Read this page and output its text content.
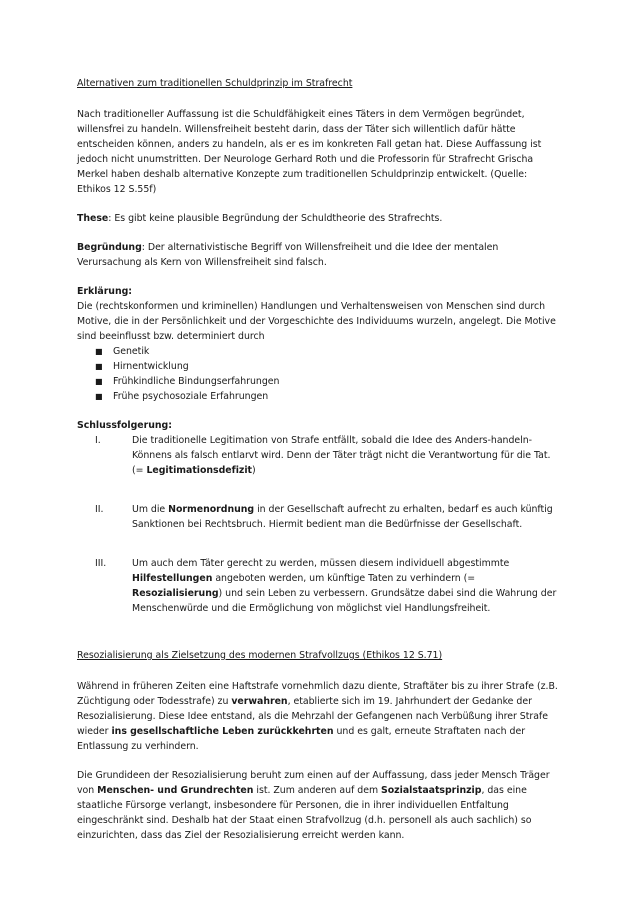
Alternativen zum traditionellen Schuldprinzip im Strafrecht

Nach traditioneller Auffassung ist die Schuldfähigkeit eines Täters in dem Vermögen begründet, willensfrei zu handeln. Willensfreiheit besteht darin, dass der Täter sich willentlich dafür hätte entscheiden können, anders zu handeln, als er es im konkreten Fall getan hat. Diese Auffassung ist jedoch nicht unumstritten. Der Neurologe Gerhard Roth und die Professorin für Strafrecht Grischa Merkel haben deshalb alternative Konzepte zum traditionellen Schuldprinzip entwickelt. (Quelle: Ethikos 12 S.55f)

These: Es gibt keine plausible Begründung der Schuldtheorie des Strafrechts.

Begründung: Der alternativistische Begriff von Willensfreiheit und die Idee der mentalen Verursachung als Kern von Willensfreiheit sind falsch.

Erklärung:

Die (rechtskonformen und kriminellen) Handlungen und Verhaltensweisen von Menschen sind durch Motive, die in der Persönlichkeit und der Vorgeschichte des Individuums wurzeln, angelegt. Die Motive sind beeinflusst bzw. determiniert durch

■ Genetik
■ Hirnentwicklung
■ Frühkindliche Bindungserfahrungen
■ Frühe psychosoziale Erfahrungen

Schlussfolgerung:

I.	Die traditionelle Legitimation von Strafe entfällt, sobald die Idee des Anders-handeln-Könnens als falsch entlarvt wird. Denn der Täter trägt nicht die Verantwortung für die Tat. (= Legitimationsdefizit)
II.	Um die Normenordnung in der Gesellschaft aufrecht zu erhalten, bedarf es auch künftig Sanktionen bei Rechtsbruch. Hiermit bedient man die Bedürfnisse der Gesellschaft.
III.	Um auch dem Täter gerecht zu werden, müssen diesem individuell abgestimmte Hilfestellungen angeboten werden, um künftige Taten zu verhindern (= Resozialisierung) und sein Leben zu verbessern. Grundsätze dabei sind die Wahrung der Menschenwürde und die Ermöglichung von möglichst viel Handlungsfreiheit.

Resozialisierung als Zielsetzung des modernen Strafvollzugs (Ethikos 12 S.71)

Während in früheren Zeiten eine Haftstrafe vornehmlich dazu diente, Straftäter bis zu ihrer Strafe (z.B. Züchtigung oder Todesstrafe) zu verwahren, etablierte sich im 19. Jahrhundert der Gedanke der Resozialisierung. Diese Idee entstand, als die Mehrzahl der Gefangenen nach Verbüßung ihrer Strafe wieder ins gesellschaftliche Leben zurückkehrten und es galt, erneute Straftaten nach der Entlassung zu verhindern.

Die Grundideen der Resozialisierung beruht zum einen auf der Auffassung, dass jeder Mensch Träger von Menschen- und Grundrechten ist. Zum anderen auf dem Sozialstaatsprinzip, das eine staatliche Fürsorge verlangt, insbesondere für Personen, die in ihrer individuellen Entfaltung eingeschränkt sind. Deshalb hat der Staat einen Strafvollzug (d.h. personell als auch sachlich) so einzurichten, dass das Ziel der Resozialisierung erreicht werden kann.
